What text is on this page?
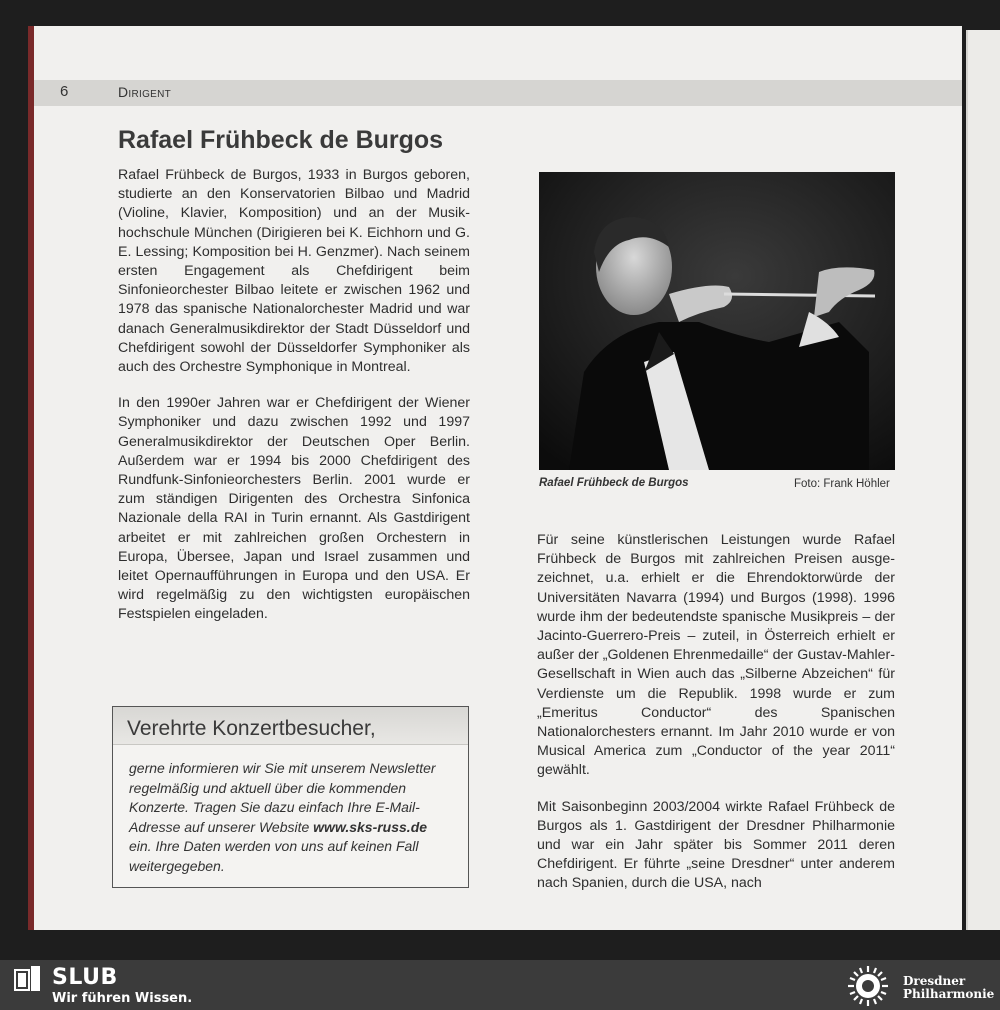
6	Dirigent
Rafael Frühbeck de Burgos

Rafael Frühbeck de Burgos, 1933 in Burgos geboren, studierte an den Konservatorien Bilbao und Madrid (Violine, Klavier, Komposition) und an der Musikhochschule München (Dirigieren bei K. Eichhorn und G. E. Lessing; Komposition bei H. Genzmer). Nach seinem ersten Engagement als Chefdirigent beim Sinfonieorchester Bilbao leitete er zwischen 1962 und 1978 das spanische Nationalorchester Madrid und war danach Generalmusikdirektor der Stadt Düsseldorf und Chefdirigent sowohl der Düsseldorfer Symphoniker als auch des Orchestre Symphonique in Montreal.

In den 1990er Jahren war er Chefdirigent der Wiener Symphoniker und dazu zwischen 1992 und 1997 Generalmusikdirektor der Deutschen Oper Berlin. Außerdem war er 1994 bis 2000 Chefdirigent des Rundfunk-Sinfonieorchesters Berlin. 2001 wurde er zum ständigen Dirigenten des Orchestra Sinfonica Nazionale della RAI in Turin ernannt. Als Gastdirigent arbeitet er mit zahlreichen großen Orchestern in Europa, Übersee, Japan und Israel zusammen und leitet Opernaufführungen in Europa und den USA. Er wird regelmäßig zu den wichtigsten europäischen Festspielen eingeladen.

Rafael Frühbeck de Burgos	Foto: Frank Höhler

Für seine künstlerischen Leistungen wurde Rafael Frühbeck de Burgos mit zahlreichen Preisen ausgezeichnet, u.a. erhielt er die Ehrendoktorwürde der Universitäten Navarra (1994) und Burgos (1998). 1996 wurde ihm der bedeutendste spanische Musikpreis – der Jacinto-Guerrero-Preis – zuteil, in Österreich erhielt er außer der „Goldenen Ehrenmedaille“ der Gustav-Mahler-Gesellschaft in Wien auch das „Silberne Abzeichen“ für Verdienste um die Republik. 1998 wurde er zum „Emeritus Conductor“ des Spanischen Nationalorchesters ernannt. Im Jahr 2010 wurde er von Musical America zum „Conductor of the year 2011“ gewählt.

Mit Saisonbeginn 2003/2004 wirkte Rafael Frühbeck de Burgos als 1. Gastdirigent der Dresdner Philharmonie und war ein Jahr später bis Sommer 2011 deren Chefdirigent. Er führte „seine Dresdner“ unter anderem nach Spanien, durch die USA, nach

Verehrte Konzertbesucher,
gerne informieren wir Sie mit unserem Newsletter regelmäßig und aktuell über die kommenden Konzerte. Tragen Sie dazu einfach Ihre E-Mail-Adresse auf unserer Website www.sks-russ.de ein. Ihre Daten werden von uns auf keinen Fall weitergegeben.
SLUB
Wir führen Wissen.
Dresdner
Philharmonie
